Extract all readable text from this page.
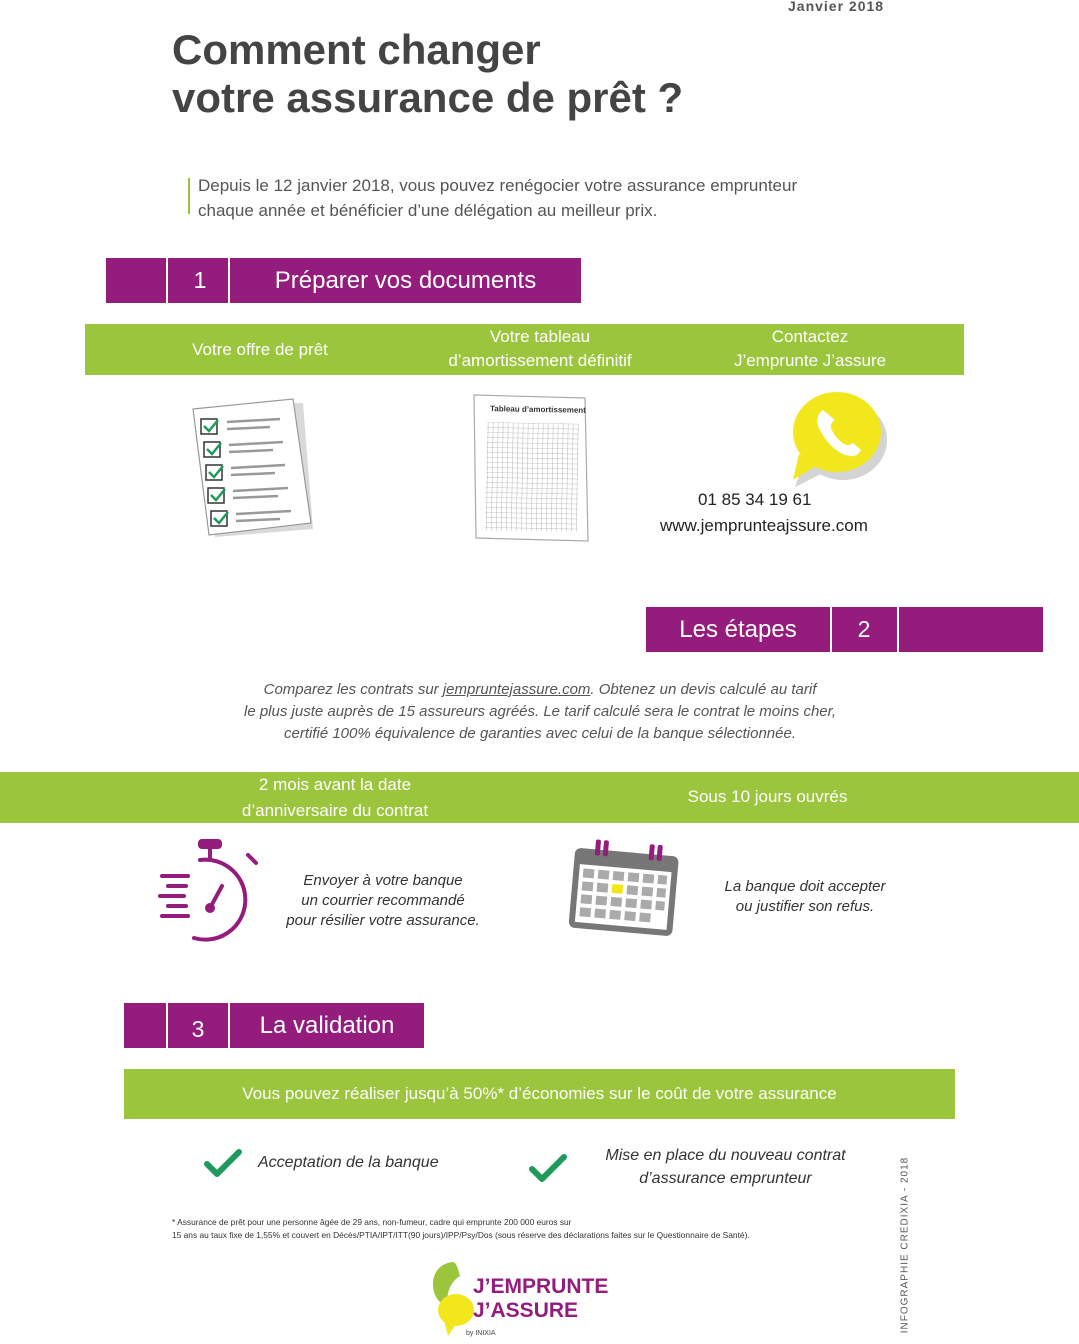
Janvier 2018
Comment changer
votre assurance de prêt ?
Depuis le 12 janvier 2018, vous pouvez renégocier votre assurance emprunteur
chaque année et bénéficier d’une délégation au meilleur prix.
1	Préparer vos documents
Votre offre de prêt
Votre tableau
d’amortissement définitif
Contactez
J’emprunte J’assure
Tableau d’amortissement
01 85 34 19 61
www.jemprunteajssure.com
Les étapes	2
Comparez les contrats sur jempruntejassure.com. Obtenez un devis calculé au tarif
le plus juste auprès de 15 assureurs agréés. Le tarif calculé sera le contrat le moins cher,
certifié 100% équivalence de garanties avec celui de la banque sélectionnée.
2 mois avant la date
d’anniversaire du contrat
Sous 10 jours ouvrés
Envoyer à votre banque
un courrier recommandé
pour résilier votre assurance.
La banque doit accepter
ou justifier son refus.
3	La validation
Vous pouvez réaliser jusqu’à 50%* d’économies sur le coût de votre assurance
Acceptation de la banque	Mise en place du nouveau contrat
d’assurance emprunteur
* Assurance de prêt pour une personne âgée de 29 ans, non-fumeur, cadre qui emprunte 200 000 euros sur
15 ans au taux fixe de 1,55% et couvert en Décès/PTIA/IPT/ITT(90 jours)/IPP/Psy/Dos (sous réserve des déclarations faites sur le Questionnaire de Santé).	INFOGRAPHIE CREDIXIA - 2018
J’EMPRUNTE
J’ASSURE
by INIXIA
